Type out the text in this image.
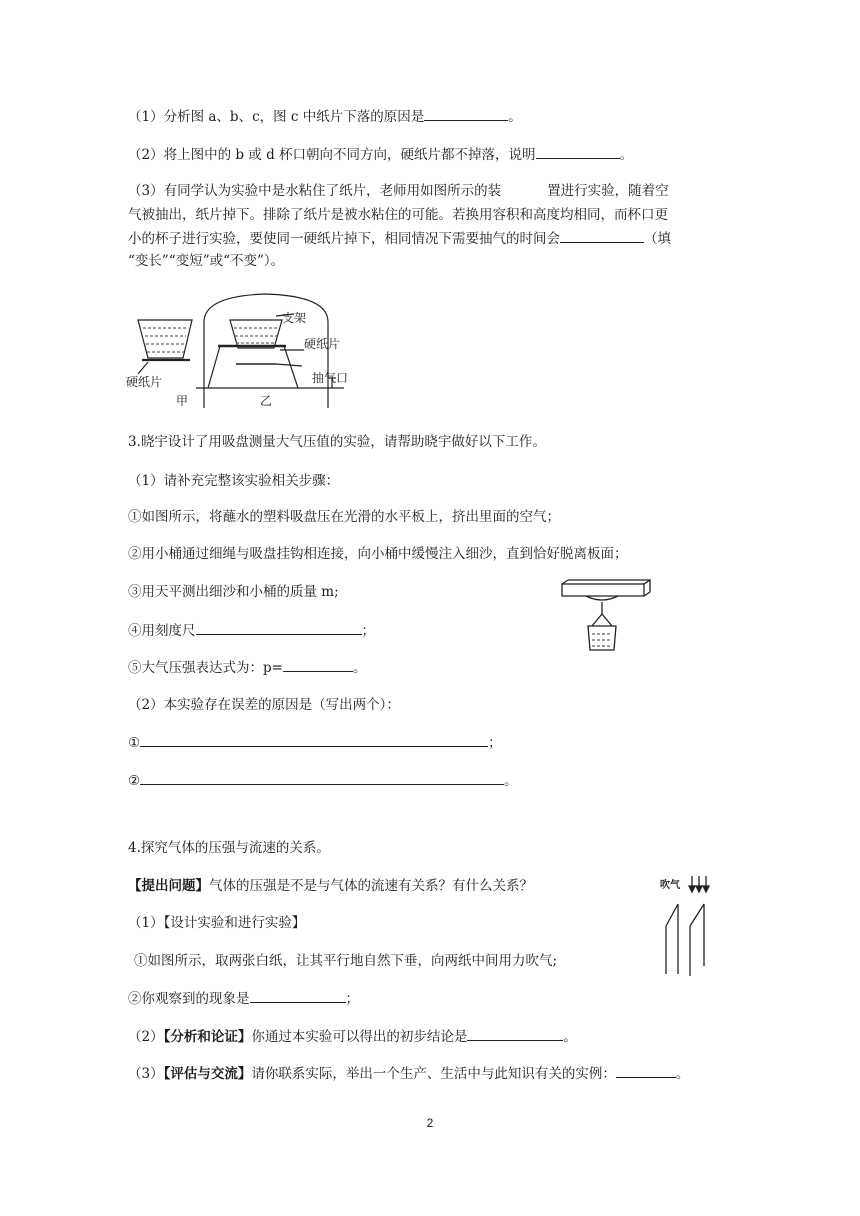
（1）分析图 a、b、c，图 c 中纸片下落的原因是	。
（2）将上图中的 b 或 d 杯口朝向不同方向，硬纸片都不掉落，说明	。
（3）有同学认为实验中是水粘住了纸片，老师用如图所示的装	置进行实验，随着空
气被抽出，纸片掉下。排除了纸片是被水粘住的可能。若换用容积和高度均相同，而杯口更
小的杯子进行实验，要使同一硬纸片掉下，相同情况下需要抽气的时间会	（填
“变长”“变短”或“不变”）。
硬纸片
甲
支架
硬纸片
抽气口
乙
3.晓宇设计了用吸盘测量大气压值的实验，请帮助晓宇做好以下工作。
（1）请补充完整该实验相关步骤：
①如图所示，将蘸水的塑料吸盘压在光滑的水平板上，挤出里面的空气；
②用小桶通过细绳与吸盘挂钩相连接，向小桶中缓慢注入细沙，直到恰好脱离板面；
③用天平测出细沙和小桶的质量 m;
④用刻度尺	；
⑤大气压强表达式为：p=	。
（2）本实验存在误差的原因是（写出两个）：
①	；
②	。
4.探究气体的压强与流速的关系。
【提出问题】气体的压强是不是与气体的流速有关系？有什么关系？
（1）【设计实验和进行实验】
①如图所示，取两张白纸，让其平行地自然下垂，向两纸中间用力吹气;
②你观察到的现象是	；
（2）【分析和论证】你通过本实验可以得出的初步结论是	。
（3）【评估与交流】请你联系实际，举出一个生产、生活中与此知识有关的实例：	。
吹气
2
